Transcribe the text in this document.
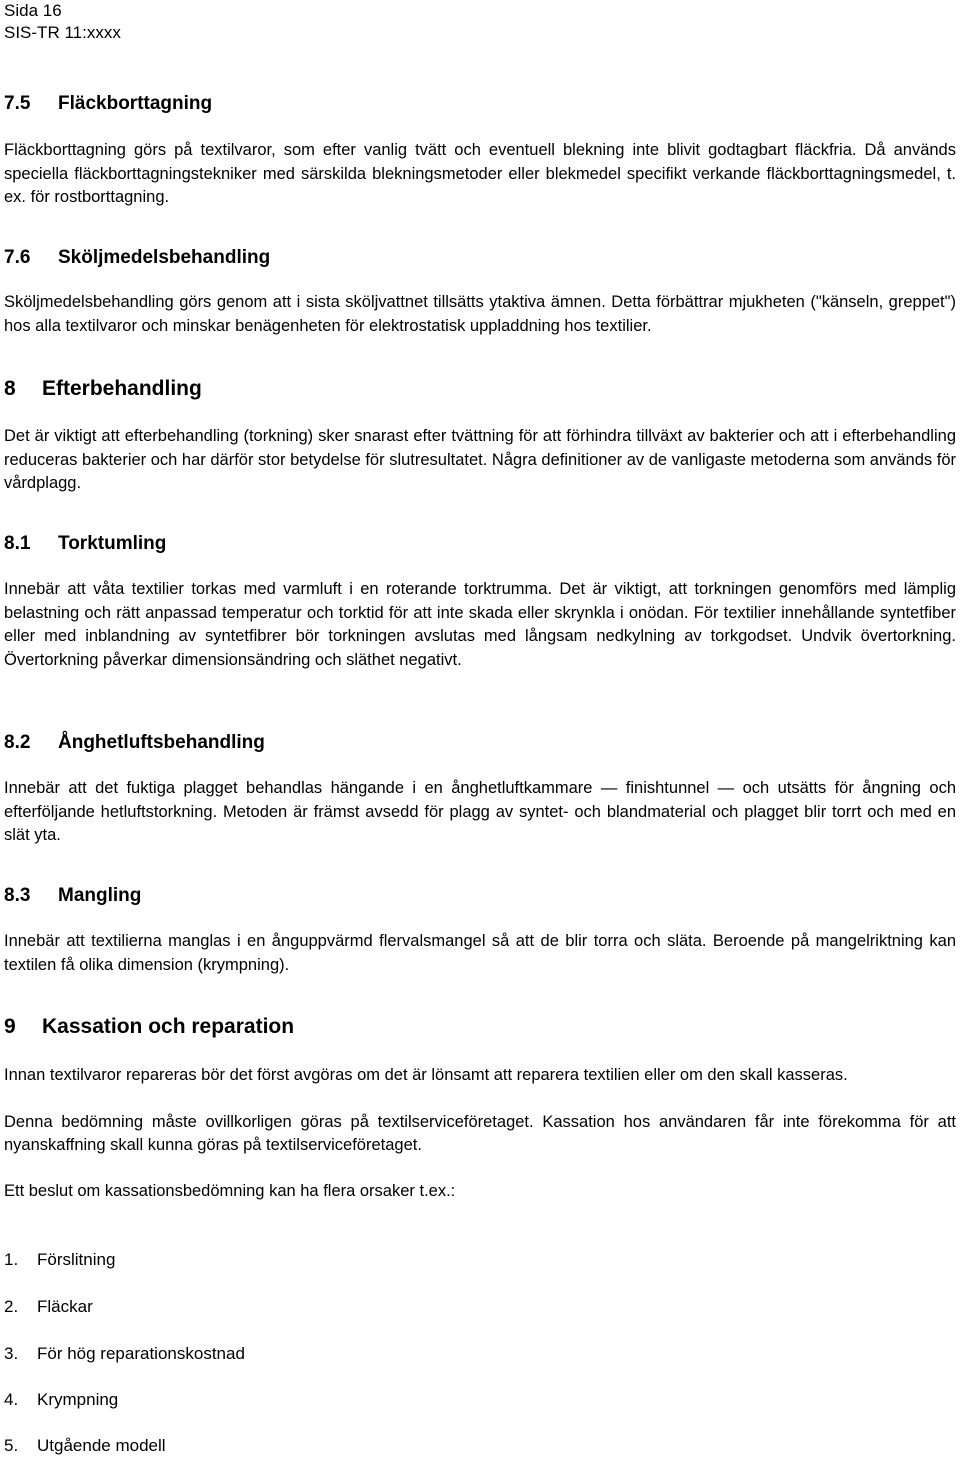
Sida 16
SIS-TR 11:xxxx
7.5 Fläckborttagning

Fläckborttagning görs på textilvaror, som efter vanlig tvätt och eventuell blekning inte blivit godtagbart fläckfria. Då används speciella fläckborttagningstekniker med särskilda blekningsmetoder eller blekmedel specifikt verkande fläckborttagningsmedel, t. ex. för rostborttagning.

7.6 Sköljmedelsbehandling

Sköljmedelsbehandling görs genom att i sista sköljvattnet tillsätts ytaktiva ämnen. Detta förbättrar mjukheten ("känseln, greppet") hos alla textilvaror och minskar benägenheten för elektrostatisk uppladdning hos textilier.

8 Efterbehandling

Det är viktigt att efterbehandling (torkning) sker snarast efter tvättning för att förhindra tillväxt av bakterier och att i efterbehandling reduceras bakterier och har därför stor betydelse för slutresultatet. Några definitioner av de vanligaste metoderna som används för vårdplagg.

8.1 Torktumling

Innebär att våta textilier torkas med varmluft i en roterande torktrumma. Det är viktigt, att torkningen genomförs med lämplig belastning och rätt anpassad temperatur och torktid för att inte skada eller skrynkla i onödan. För textilier innehållande syntetfiber eller med inblandning av syntetfibrer bör torkningen avslutas med långsam nedkylning av torkgodset. Undvik övertorkning. Övertorkning påverkar dimensionsändring och släthet negativt.

8.2 Ånghetluftsbehandling

Innebär att det fuktiga plagget behandlas hängande i en ånghetluftkammare — finishtunnel — och utsätts för ångning och efterföljande hetluftstorkning. Metoden är främst avsedd för plagg av syntet- och blandmaterial och plagget blir torrt och med en slät yta.

8.3 Mangling

Innebär att textilierna manglas i en ånguppvärmd flervalsmangel så att de blir torra och släta. Beroende på mangelriktning kan textilen få olika dimension (krympning).

9 Kassation och reparation

Innan textilvaror repareras bör det först avgöras om det är lönsamt att reparera textilien eller om den skall kasseras.

Denna bedömning måste ovillkorligen göras på textilserviceföretaget. Kassation hos användaren får inte förekomma för att nyanskaffning skall kunna göras på textilserviceföretaget.

Ett beslut om kassationsbedömning kan ha flera orsaker t.ex.:

1. Förslitning
2. Fläckar
3. För hög reparationskostnad
4. Krympning
5. Utgående modell
